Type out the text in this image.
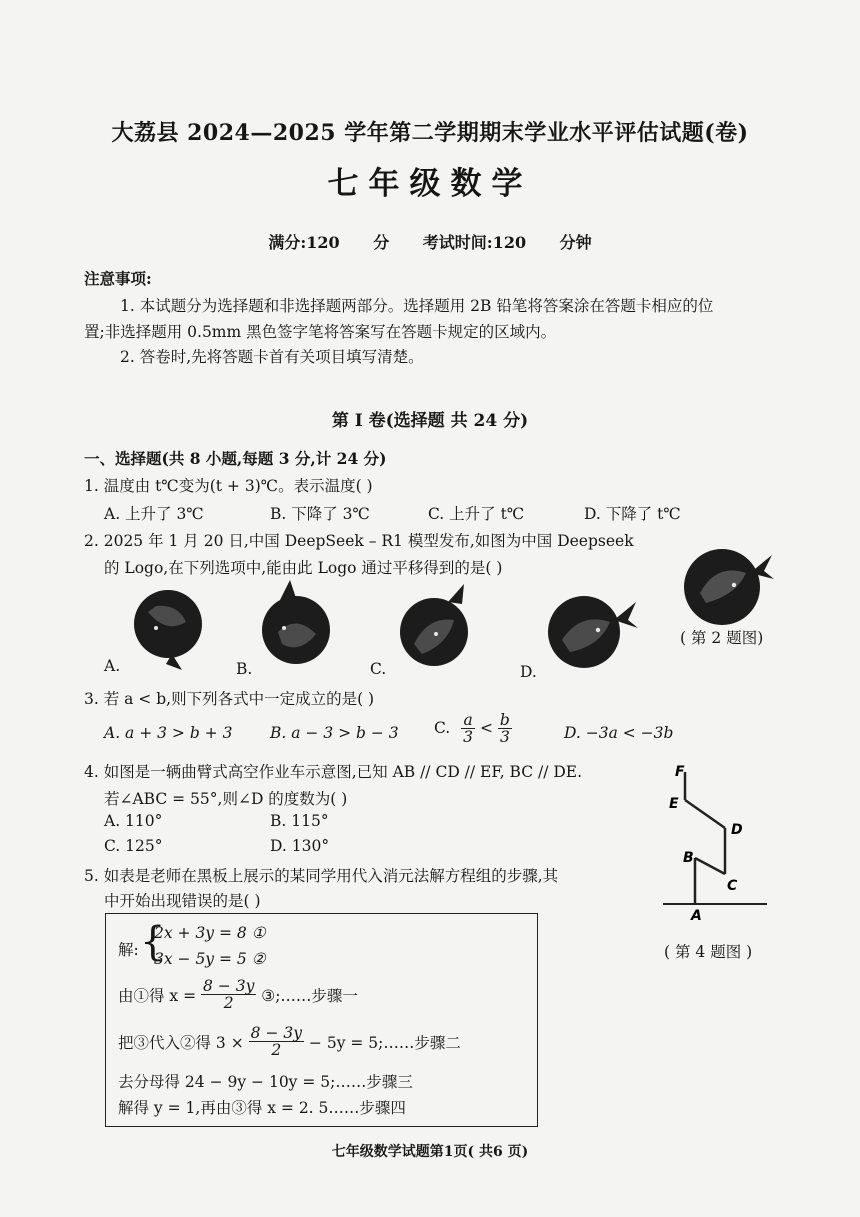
大荔县 2024—2025 学年第二学期期末学业水平评估试题(卷)
七年级数学
满分:120 分 考试时间:120 分钟
注意事项:
1. 本试题分为选择题和非选择题两部分。选择题用 2B 铅笔将答案涂在答题卡相应的位
置;非选择题用 0.5mm 黑色签字笔将答案写在答题卡规定的区域内。
2. 答卷时,先将答题卡首有关项目填写清楚。
第 I 卷(选择题 共 24 分)
一、选择题(共 8 小题,每题 3 分,计 24 分)
1. 温度由 t℃变为(t + 3)℃。表示温度( )
A. 上升了 3℃	B. 下降了 3℃	C. 上升了 t℃	D. 下降了 t℃
2. 2025 年 1 月 20 日,中国 DeepSeek – R1 模型发布,如图为中国 Deepseek
的 Logo,在下列选项中,能由此 Logo 通过平移得到的是( )
( 第 2 题图)
A.	B.	C.	D.
3. 若 a < b,则下列各式中一定成立的是( )
A. a + 3 > b + 3 B. a − 3 > b − 3 C. $\frac{a}{3} < \frac{b}{3}$	D. −3a < −3b
4. 如图是一辆曲臂式高空作业车示意图,已知 AB // CD // EF, BC // DE.
若∠ABC = 55°,则∠D 的度数为( )
A. 110°	B. 115°
C. 125°	D. 130°
F
E
D
B
C
A
( 第 4 题图 )
5. 如表是老师在黑板上展示的某同学用代入消元法解方程组的步骤,其
中开始出现错误的是( )
解: {
2x + 3y = 8 ①
3x − 5y = 5 ②
由①得 $x = \frac{8 - 3y}{2}$ ③;……步骤一
把③代入②得 $3 \times \frac{8 - 3y}{2} - 5y$ = 5;……步骤二
去分母得 24 − 9y − 10y = 5;……步骤三
解得 y = 1,再由③得 x = 2. 5……步骤四
七年级数学试题第1页( 共6 页)
